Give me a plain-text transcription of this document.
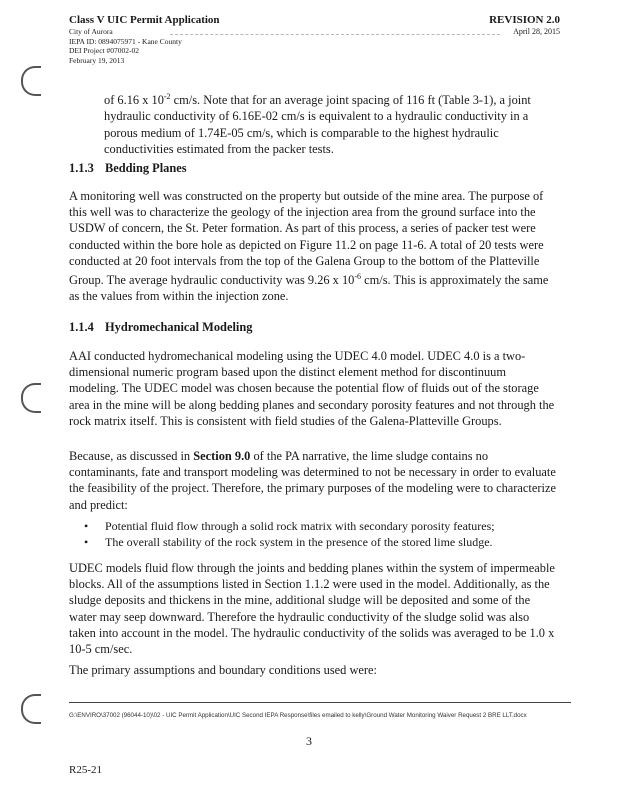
Class V UIC Permit Application
City of Aurora
IEPA ID: 0894075971 - Kane County
DEI Project #07002-02
February 19, 2013
REVISION 2.0
April 28, 2015
of 6.16 x $10^{-2}$ cm/s. Note that for an average joint spacing of 116 ft (Table 3-1), a joint hydraulic conductivity of 6.16E-02 cm/s is equivalent to a hydraulic conductivity in a porous medium of 1.74E-05 cm/s, which is comparable to the highest hydraulic conductivities estimated from the packer tests.
1.1.3 Bedding Planes
A monitoring well was constructed on the property but outside of the mine area. The purpose of this well was to characterize the geology of the injection area from the ground surface into the USDW of concern, the St. Peter formation. As part of this process, a series of packer test were conducted within the bore hole as depicted on Figure 11.2 on page 11-6. A total of 20 tests were conducted at 20 foot intervals from the top of the Galena Group to the bottom of the Platteville Group. The average hydraulic conductivity was 9.26 x $10^{-6}$ cm/s. This is approximately the same as the values from within the injection zone.
1.1.4 Hydromechanical Modeling
AAI conducted hydromechanical modeling using the UDEC 4.0 model. UDEC 4.0 is a two-dimensional numeric program based upon the distinct element method for discontinuum modeling. The UDEC model was chosen because the potential flow of fluids out of the storage area in the mine will be along bedding planes and secondary porosity features and not through the rock matrix itself. This is consistent with field studies of the Galena-Platteville Groups.
Because, as discussed in Section 9.0 of the PA narrative, the lime sludge contains no contaminants, fate and transport modeling was determined to not be necessary in order to evaluate the feasibility of the project. Therefore, the primary purposes of the modeling were to characterize and predict:
• Potential fluid flow through a solid rock matrix with secondary porosity features;
• The overall stability of the rock system in the presence of the stored lime sludge.
UDEC models fluid flow through the joints and bedding planes within the system of impermeable blocks. All of the assumptions listed in Section 1.1.2 were used in the model. Additionally, as the sludge deposits and thickens in the mine, additional sludge will be deposited and some of the water may seep downward. Therefore the hydraulic conductivity of the sludge solid was also taken into account in the model. The hydraulic conductivity of the solids was averaged to be 1.0 x 10-5 cm/sec.
The primary assumptions and boundary conditions used were:
G:\ENVIRO\37002 (96044-10)\02 - UIC Permit Application\UIC Second IEPA Response\files emailed to kelly\Ground Water Monitoring Waiver Request 2 BRE LLT.docx
3
R25-21
